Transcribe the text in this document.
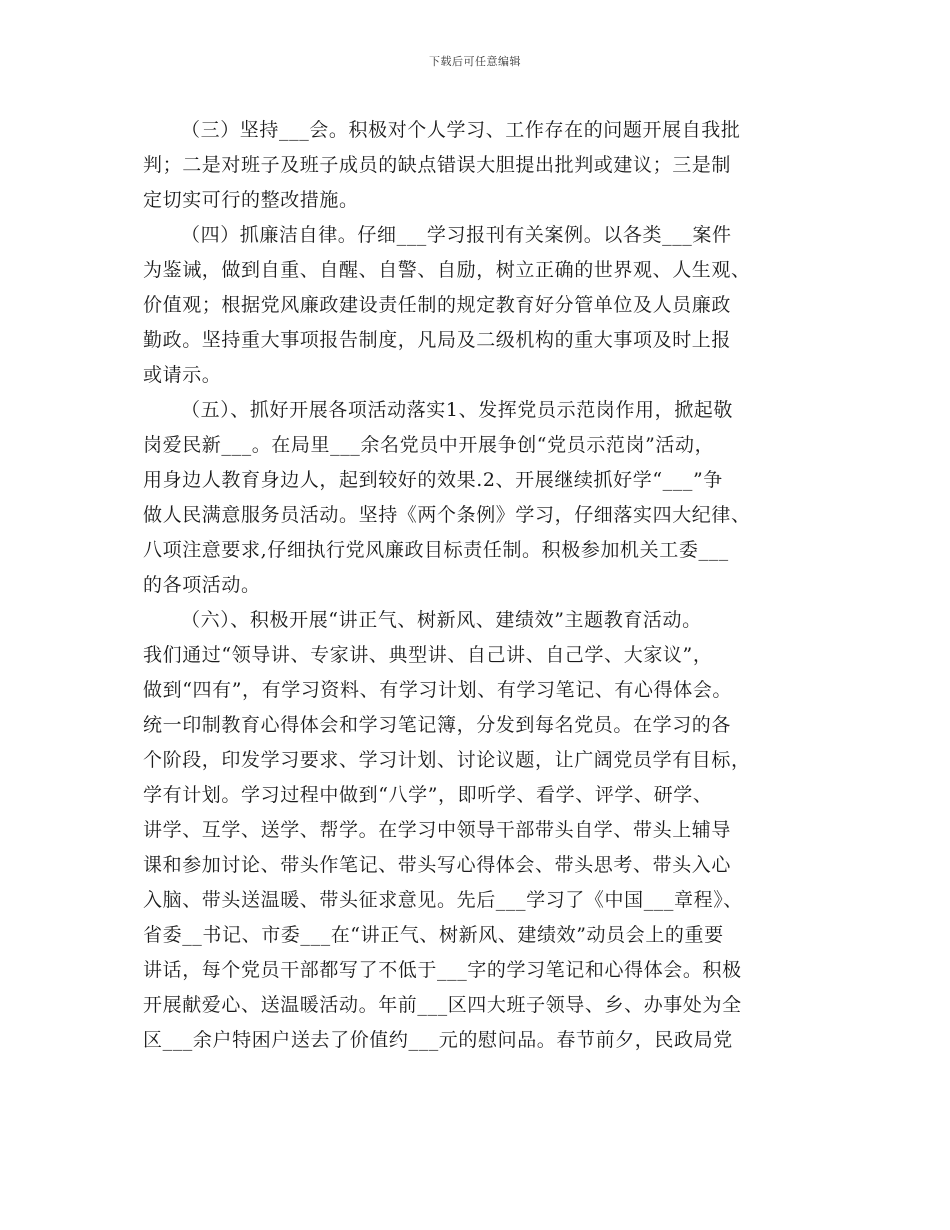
下载后可任意编辑
（三）坚持___会。积极对个人学习、工作存在的问题开展自我批
判；二是对班子及班子成员的缺点错误大胆提出批判或建议；三是制
定切实可行的整改措施。
（四）抓廉洁自律。仔细___学习报刊有关案例。以各类___案件
为鉴诫，做到自重、自醒、自警、自励，树立正确的世界观、人生观、
价值观；根据党风廉政建设责任制的规定教育好分管单位及人员廉政
勤政。坚持重大事项报告制度，凡局及二级机构的重大事项及时上报
或请示。
（五）、抓好开展各项活动落实1、发挥党员示范岗作用，掀起敬
岗爱民新___。在局里___余名党员中开展争创“党员示范岗”活动，
用身边人教育身边人，起到较好的效果.2、开展继续抓好学“___”争
做人民满意服务员活动。坚持《两个条例》学习，仔细落实四大纪律、
八项注意要求,仔细执行党风廉政目标责任制。积极参加机关工委___
的各项活动。
（六）、积极开展“讲正气、树新风、建绩效”主题教育活动。
我们通过“领导讲、专家讲、典型讲、自己讲、自己学、大家议”，
做到“四有”，有学习资料、有学习计划、有学习笔记、有心得体会。
统一印制教育心得体会和学习笔记簿，分发到每名党员。在学习的各
个阶段，印发学习要求、学习计划、讨论议题，让广阔党员学有目标，
学有计划。学习过程中做到“八学”，即听学、看学、评学、研学、
讲学、互学、送学、帮学。在学习中领导干部带头自学、带头上辅导
课和参加讨论、带头作笔记、带头写心得体会、带头思考、带头入心
入脑、带头送温暖、带头征求意见。先后___学习了《中国___章程》、
省委__书记、市委___在“讲正气、树新风、建绩效”动员会上的重要
讲话，每个党员干部都写了不低于___字的学习笔记和心得体会。积极
开展献爱心、送温暖活动。年前___区四大班子领导、乡、办事处为全
区___余户特困户送去了价值约___元的慰问品。春节前夕，民政局党
